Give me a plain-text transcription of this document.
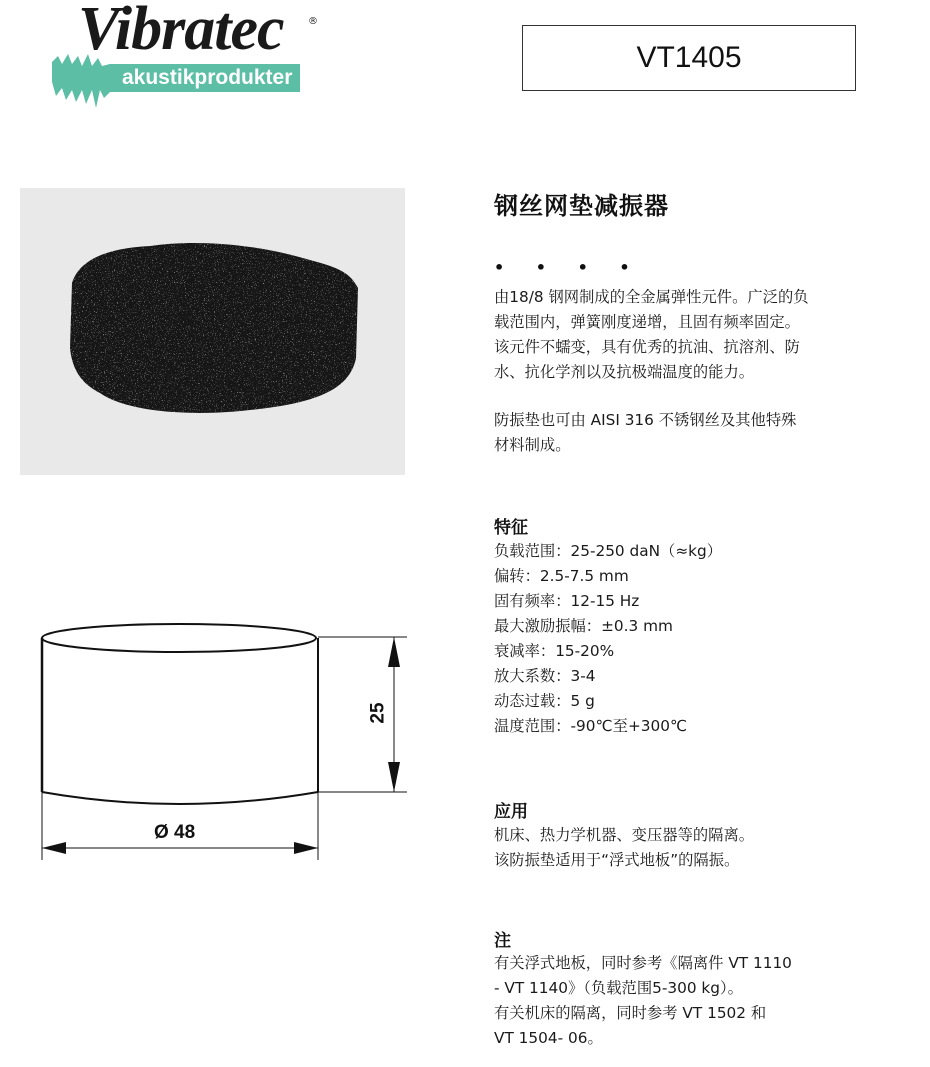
Vibratec ®
akustikprodukter
VT1405
25
Ø 48
钢丝网垫减振器
• • • •
由18/8 钢网制成的全金属弹性元件。广泛的负
载范围内，弹簧刚度递增，且固有频率固定。
该元件不蠕变，具有优秀的抗油、抗溶剂、防
水、抗化学剂以及抗极端温度的能力。
防振垫也可由 AISI 316 不锈钢丝及其他特殊
材料制成。
特征
负载范围：25-250 daN（≈kg）
偏转：2.5-7.5 mm
固有频率：12-15 Hz
最大激励振幅：±0.3 mm
衰减率：15-20%
放大系数：3-4
动态过载：5 g
温度范围：-90℃至+300℃
应用
机床、热力学机器、变压器等的隔离。
该防振垫适用于“浮式地板”的隔振。
注
有关浮式地板，同时参考《隔离件 VT 1110
- VT 1140》（负载范围5-300 kg）。
有关机床的隔离，同时参考 VT 1502 和
VT 1504- 06。
